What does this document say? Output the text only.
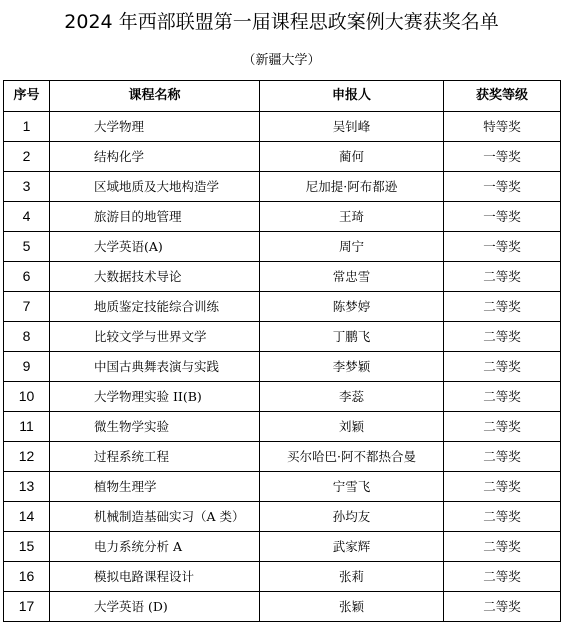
2024 年西部联盟第一届课程思政案例大赛获奖名单
（新疆大学）
序号	课程名称	申报人	获奖等级
1	大学物理	吴钊峰	特等奖
2	结构化学	蔺何	一等奖
3	区域地质及大地构造学	尼加提·阿布都逊	一等奖
4	旅游目的地管理	王琦	一等奖
5	大学英语(A)	周宁	一等奖
6	大数据技术导论	常忠雪	二等奖
7	地质鉴定技能综合训练	陈梦婷	二等奖
8	比较文学与世界文学	丁鹏飞	二等奖
9	中国古典舞表演与实践	李梦颖	二等奖
10	大学物理实验 II(B)	李蕊	二等奖
11	微生物学实验	刘颖	二等奖
12	过程系统工程	买尔哈巴·阿不都热合曼	二等奖
13	植物生理学	宁雪飞	二等奖
14	机械制造基础实习（A 类）	孙均友	二等奖
15	电力系统分析 A	武家辉	二等奖
16	模拟电路课程设计	张莉	二等奖
17	大学英语 (D)	张颖	二等奖
